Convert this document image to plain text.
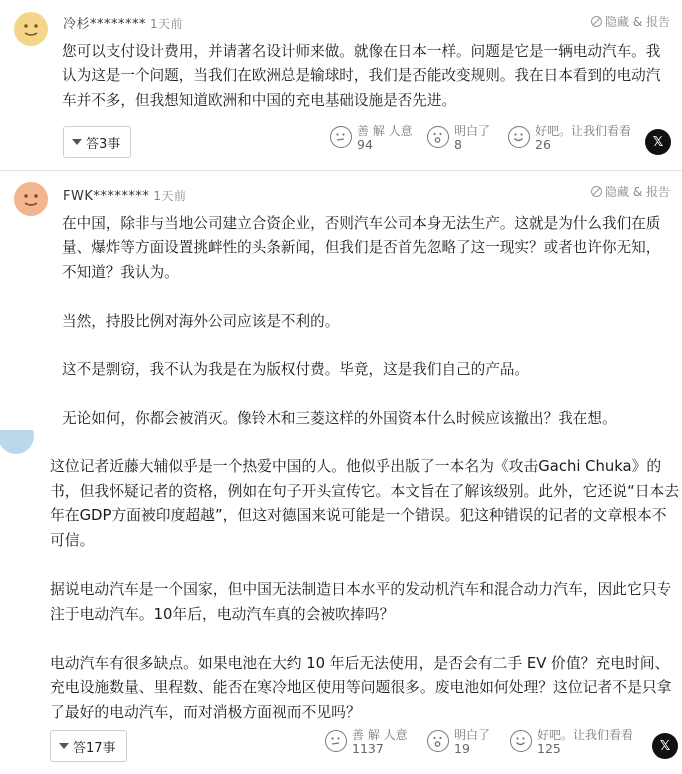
冷杉******** 1天前	隐藏 & 报告

您可以支付设计费用，并请著名设计师来做。就像在日本一样。问题是它是一辆电动汽车。我认为这是一个问题，当我们在欧洲总是输球时，我们是否能改变规则。我在日本看到的电动汽车并不多，但我想知道欧洲和中国的充电基础设施是否先进。

答3事
善 解 人意
94
明白了
8
好吧。让我们看看
26	𝕏
FWK******** 1天前	隐藏 & 报告

在中国，除非与当地公司建立合资企业，否则汽车公司本身无法生产。这就是为什么我们在质量、爆炸等方面设置挑衅性的头条新闻，但我们是否首先忽略了这一现实？或者也许你无知，不知道？我认为。

当然，持股比例对海外公司应该是不利的。

这不是剽窃，我不认为我是在为版权付费。毕竟，这是我们自己的产品。

无论如何，你都会被消灭。像铃木和三菱这样的外国资本什么时候应该撤出？我在想。

这位记者近藤大辅似乎是一个热爱中国的人。他似乎出版了一本名为《攻击Gachi Chuka》的书，但我怀疑记者的资格，例如在句子开头宣传它。本文旨在了解该级别。此外，它还说“日本去年在GDP方面被印度超越”，但这对德国来说可能是一个错误。犯这种错误的记者的文章根本不可信。

据说电动汽车是一个国家，但中国无法制造日本水平的发动机汽车和混合动力汽车，因此它只专注于电动汽车。10年后，电动汽车真的会被吹捧吗？

电动汽车有很多缺点。如果电池在大约 10 年后无法使用，是否会有二手 EV 价值？充电时间、充电设施数量、里程数、能否在寒冷地区使用等问题很多。废电池如何处理？这位记者不是只拿了最好的电动汽车，而对消极方面视而不见吗？

答17事
善 解 人意
1137
明白了
19
好吧。让我们看看
125	𝕏
